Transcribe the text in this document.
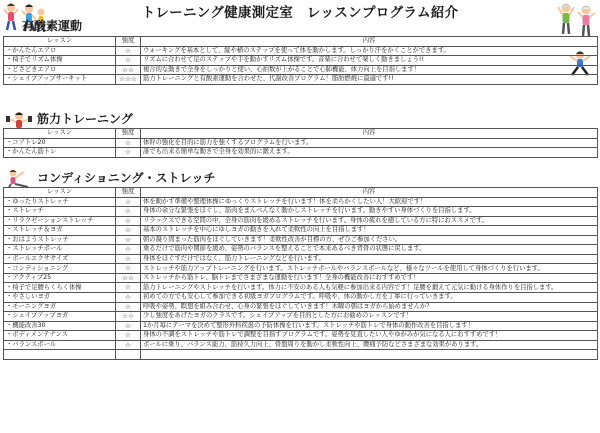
トレーニング健康測定室　レッスンプログラム紹介
有酸素運動
レッスン	強度	内容
・かんたんエアロ	☆	ウォーキングを基本として、縦や横のステップを使って体を動かします。しっかり汗をかくことができます。
・椅子でリズム体操	☆	リズムに合わせて足のステップや手を動かすリズム体操です。音楽に合わせて楽しく動きましょう!!
・どさどきエアロ	☆☆	複合的な動きで全身をしっかりと使い、心拍数が上がることで心肺機能、体力向上を目指します！
・シェイプアップサーキット	☆☆☆	筋力トレーニングと有酸素運動を合わせた、代謝改善プログラム！脂肪燃焼に最適です!!
筋力トレーニング
レッスン	強度	内容
・コアトレ20	☆	体幹の強化を目的に筋力を強くするプログラムを行います。
・かんたん筋トレ	☆	誰でも出来る簡単な動きで全身を効果的に鍛えます。
コンディショニング・ストレッチ
レッスン	強度	内容
・ゆったりストレッチ	☆	体を動かす準備や整理体操にゆっくりストレッチを行います！体を柔らかくしたい人！大歓迎です！
・ストレッチ	☆	身体の余分な緊張をほぐし、筋肉をまんべんなく動かしストレッチを行います。動きやすい身体づくりを目指します。
・リラクゼーションストレッチ	☆	リラックスできる空間の中、全身の筋肉を緩めるストレッチを行います。身体の疲れを癒している方に特におススメです。
・ストレッチ＆ヨガ	☆	基本のストレッチを中心にゆしヨガの動きを入れて柔軟性の向上を目指します！
・おはようストレッチ	☆	朝の凝り固まった筋肉をほぐしていきます！柔軟性改善が目標の方、ぜひご参加ください。
・ストレッチポール	☆	乗るだけで筋肉や関節を緩め、姿勢のバランスを整えることで本来あるべき背骨の状態に戻します。
・ボールエクササイズ	☆	身体をほぐすだけではなく、筋力トレーニングなどを行います。
・コンディショニング	☆	ストレッチや筋力アップトレーニングを行います。ストレッチポールやバランスボールなど、様々なツールを使用して身体づくりを行います。
・アクティブ25	☆☆	ストレッチから筋トレ、脳トレまでさまざまな運動を行います！全身の機能改善におすすめです！
・椅子で足腰らくらく体操	☆	筋力トレーニングやストレッチを行います。体力に不安のある人も気軽に参加出来る内容です！足腰を鍛えて元気に動ける身体作りを目指します。
・やさしいヨガ	☆	初めての方でも安心して参加できる初級ヨガプログラムです。呼吸や、体の動かし方を丁寧に行っていきます。
・モーニングヨガ	☆	呼吸や姿勢、瞑想を組み合わせ、心身の緊張をほぐしていきます！木曜の朝はヨガから始めませんか？
・シェイプアップヨガ	☆☆	少し強度をあげたヨガのクラスです。シェイプアップを目的とした方にお勧めのレッスンです！
・機能改善30	☆	1か月毎にテーマを決めて整形外科疾患の予防体操を行います。ストレッチや筋トレで身体の動作改善を目指します！
・ボディメンテナンス	☆	身体の不調をストレッチや筋トレで調整を目指すプログラムです。姿勢を見直したい人やゆがみが気になる人におすすめです！
・バランスボール	☆	ボールに乗り、バランス能力、筋持久力向上、骨盤周りを動かし柔軟性向上、腰痛予防などさまざまな効果があります。
